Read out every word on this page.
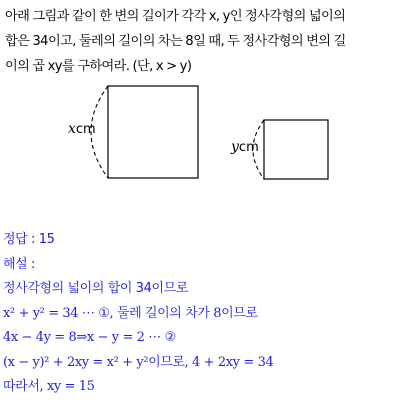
아래 그림과 같이 한 변의 길이가 각각 x, y인 정사각형의 넓이의
합은 34이고, 둘레의 길이의 차는 8일 때, 두 정사각형의 변의 길
이의 곱 xy를 구하여라. (단, x > y)
xcm
ycm
정답 : 15
해설 :
정사각형의 넓이의 합이 34이므로
x² + y² = 34 ⋯ ①, 둘레 길이의 차가 8이므로
4x − 4y = 8⇒x − y = 2 ⋯ ②
(x − y)² + 2xy = x² + y²이므로, 4 + 2xy = 34
따라서, xy = 15
